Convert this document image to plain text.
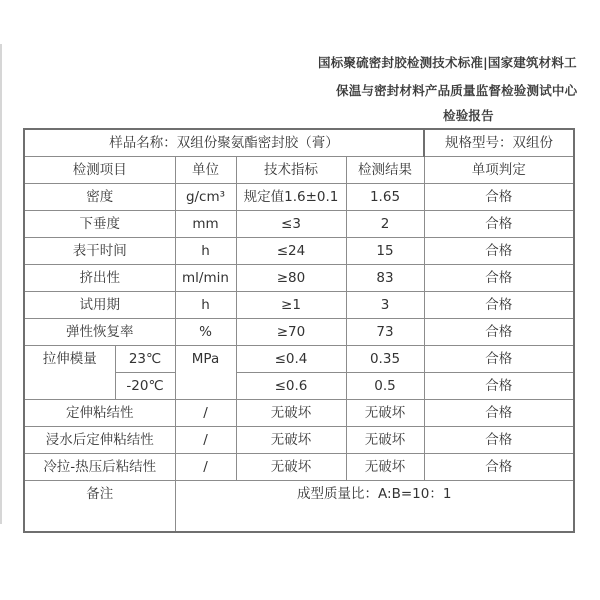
国标聚硫密封胶检测技术标准|国家建筑材料工
保温与密封材料产品质量监督检验测试中心
检验报告
样品名称：双组份聚氨酯密封胶（膏）					规格型号：双组份
检测项目		单位	技术指标	检测结果	单项判定
密度		g/cm³	规定值1.6±0.1	1.65	合格
下垂度		mm	≤3	2	合格
表干时间		h	≤24	15	合格
挤出性		ml/min	≥80	83	合格
试用期		h	≥1	3	合格
弹性恢复率		%	≥70	73	合格

拉伸模量	23℃	MPa	≤0.4	0.35	合格
	-20℃		≤0.6	0.5	合格
定伸粘结性		/	无破坏	无破坏	合格
浸水后定伸粘结性		/	无破坏	无破坏	合格
冷拉-热压后粘结性		/	无破坏	无破坏	合格

备注		成型质量比：A:B=10：1			
